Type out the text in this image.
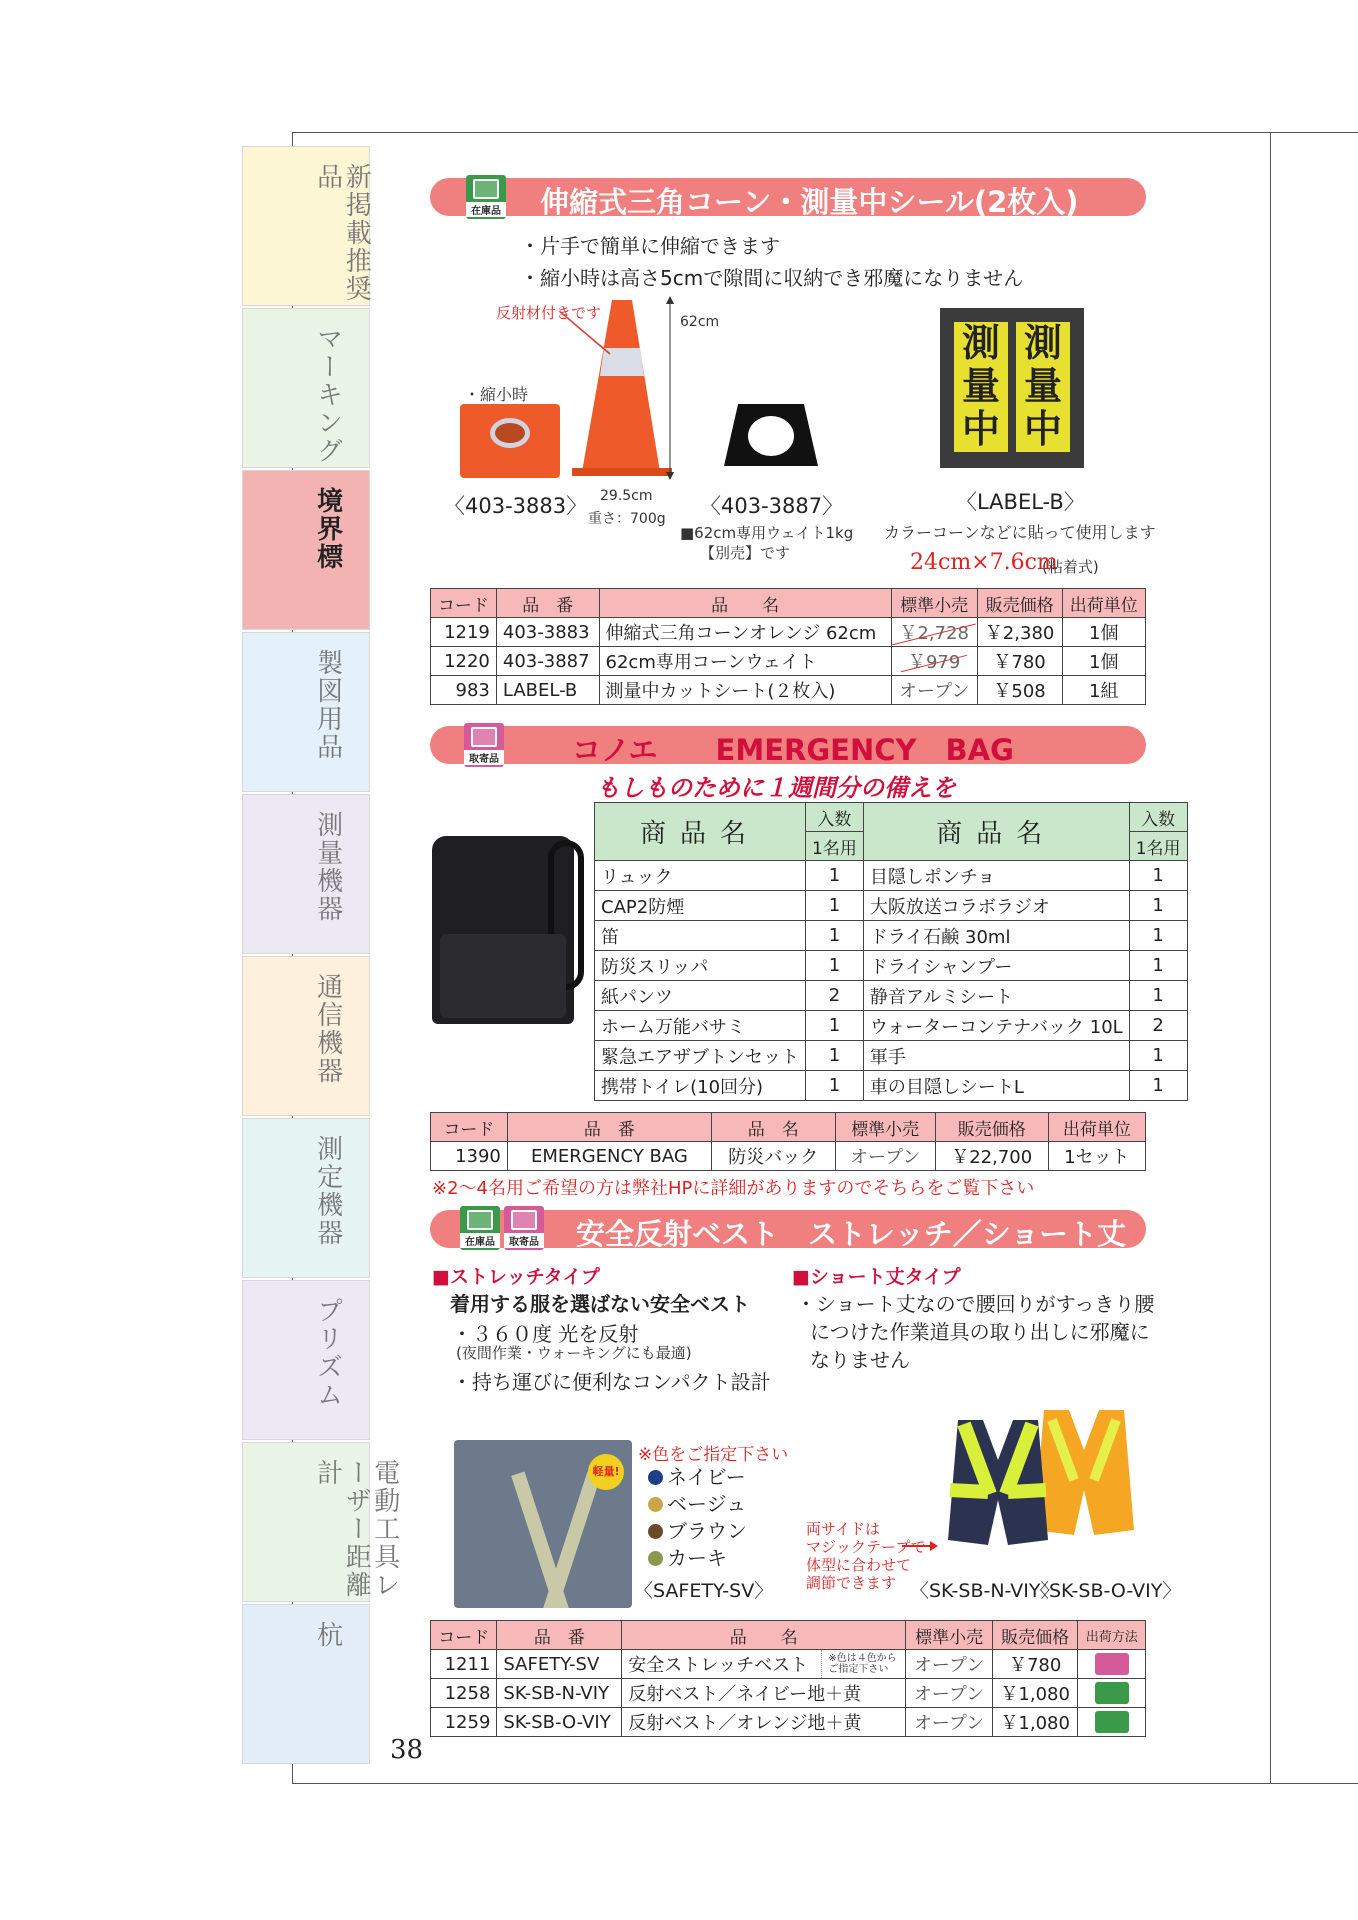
新掲載推奨品
マーキング
境界標
製図用品
測量機器
通信機器
測定機器
プリズム
電動工具レーザー距離計
杭
38
在庫品 伸縮式三角コーン・測量中シール(2枚入)
・片手で簡単に伸縮できます
・縮小時は高さ5cmで隙間に収納でき邪魔になりません
反射材付きです	62cm
・縮小時
29.5cm
重さ：700g
測量中
測量中
〈403-3883〉	〈403-3887〉	〈LABEL-B〉
■62cm専用ウェイト1kg
【別売】です
カラーコーンなどに貼って使用します
24cm×7.6cm
(粘着式)
コード	品　番	品　　名	標準小売	販売価格	出荷単位
1219	403-3883	伸縮式三角コーンオレンジ 62cm	￥2,728	￥2,380	1個
1220	403-3887	62cm専用コーンウェイト	￥979	￥780	1個
983	LABEL-B	測量中カットシート(２枚入)	オープン	￥508	1組
取寄品	コノエ　　EMERGENCY　BAG
もしものために１週間分の備えを
商品名	入数	商品名	入数
	1名用		1名用
リュック	1	目隠しポンチョ	1
CAP2防煙	1	大阪放送コラボラジオ	1
笛	1	ドライ石鹸 30ml	1
防災スリッパ	1	ドライシャンプー	1
紙パンツ	2	静音アルミシート	1
ホーム万能バサミ	1	ウォーターコンテナバック 10L	2
緊急エアザブトンセット	1	軍手	1
携帯トイレ(10回分)	1	車の目隠しシートL	1
コード	品　番	品　名	標準小売	販売価格	出荷単位
1390	EMERGENCY BAG	防災バック	オープン	￥22,700	1セット
※2～4名用ご希望の方は弊社HPに詳細がありますのでそちらをご覧下さい
在庫品	取寄品 安全反射ベスト　ストレッチ／ショート丈
■ストレッチタイプ
着用する服を選ばない安全ベスト
・３６０度 光を反射
(夜間作業・ウォーキングにも最適)
・持ち運びに便利なコンパクト設計
■ショート丈タイプ
・ショート丈なので腰回りがすっきり腰
につけた作業道具の取り出しに邪魔に
なりません
軽量!
※色をご指定下さい
ネイビー
ベージュ
ブラウン
カーキ
〈SAFETY-SV〉
両サイドは
マジックテープで
体型に合わせて
調節できます 〈SK-SB-N-VIY〉
〈SK-SB-O-VIY〉
コード	品　番	品　　名		標準小売	販売価格	出荷方法
1211	SAFETY-SV	安全ストレッチベスト	※色は４色から ご指定下さい	オープン	￥780	
1258	SK-SB-N-VIY	反射ベスト／ネイビー地＋黄		オープン	￥1,080	
1259	SK-SB-O-VIY	反射ベスト／オレンジ地＋黄		オープン	￥1,080	
